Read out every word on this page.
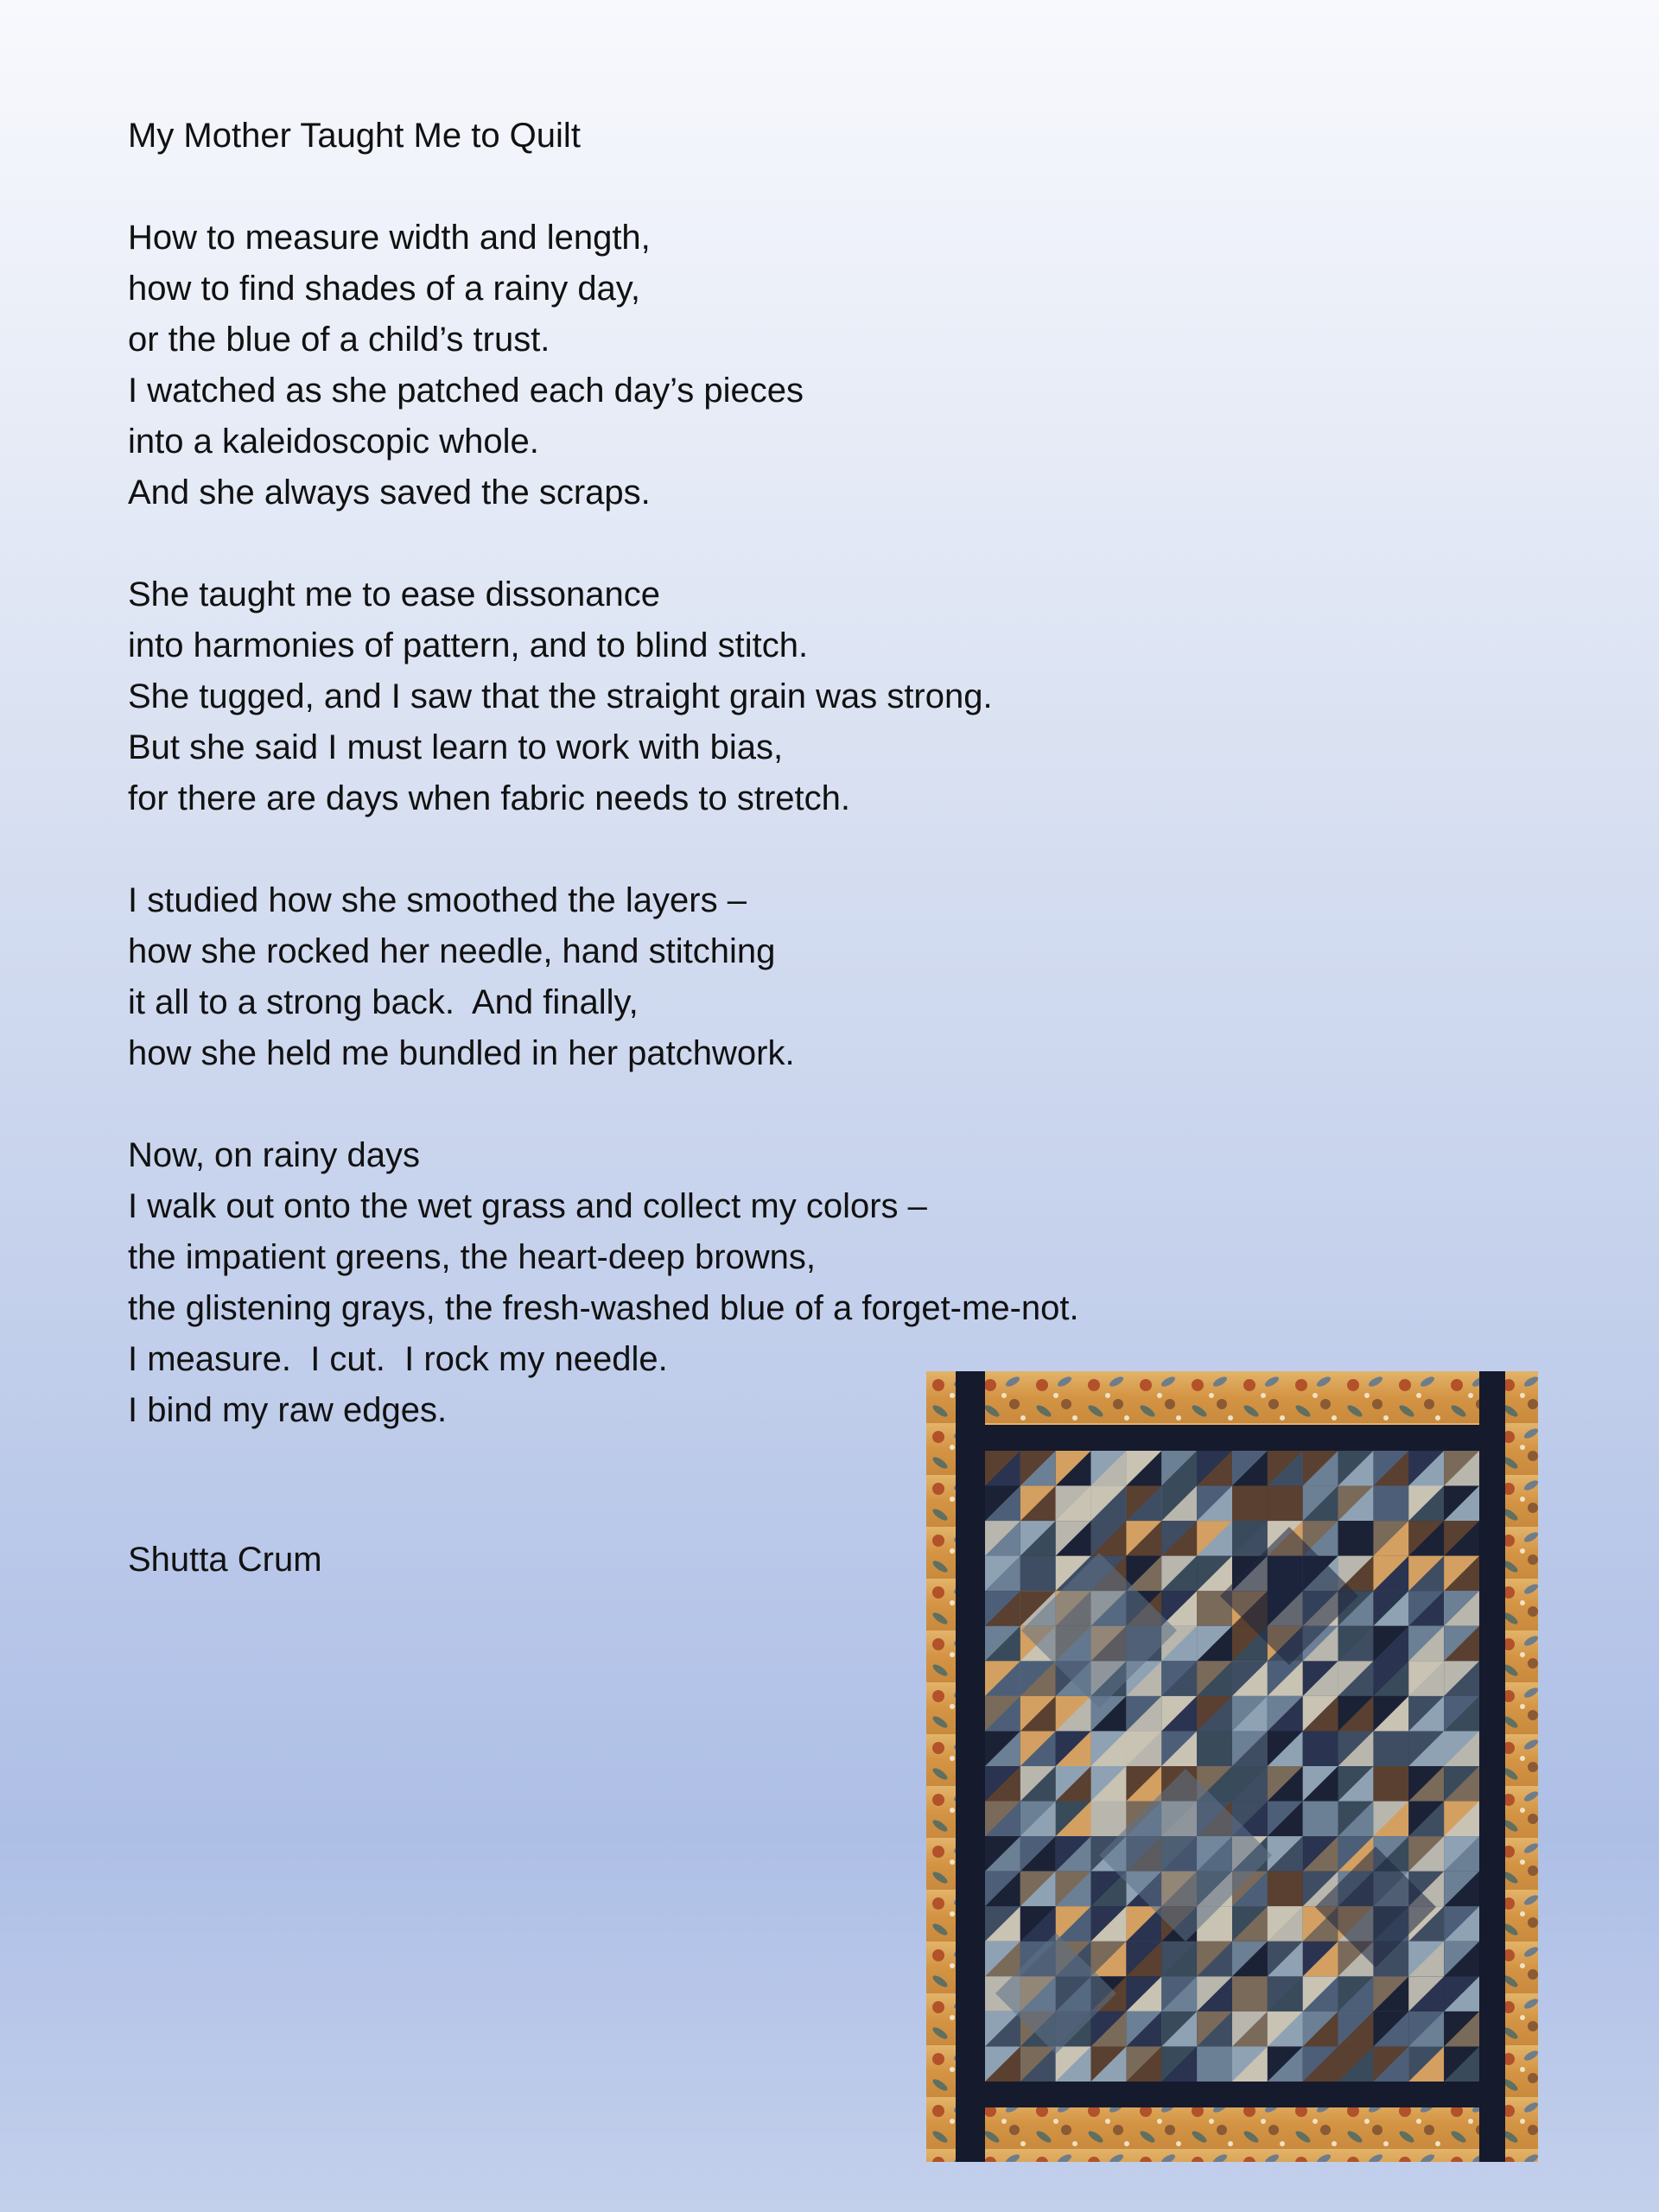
My Mother Taught Me to Quilt
How to measure width and length,
how to find shades of a rainy day,
or the blue of a child’s trust.
I watched as she patched each day’s pieces
into a kaleidoscopic whole.
And she always saved the scraps.
She taught me to ease dissonance
into harmonies of pattern, and to blind stitch.
She tugged, and I saw that the straight grain was strong.
But she said I must learn to work with bias,
for there are days when fabric needs to stretch.
I studied how she smoothed the layers –
how she rocked her needle, hand stitching
it all to a strong back.  And finally,
how she held me bundled in her patchwork.
Now, on rainy days
I walk out onto the wet grass and collect my colors –
the impatient greens, the heart-deep browns,
the glistening grays, the fresh-washed blue of a forget-me-not.
I measure.  I cut.  I rock my needle.
I bind my raw edges.
Shutta Crum
